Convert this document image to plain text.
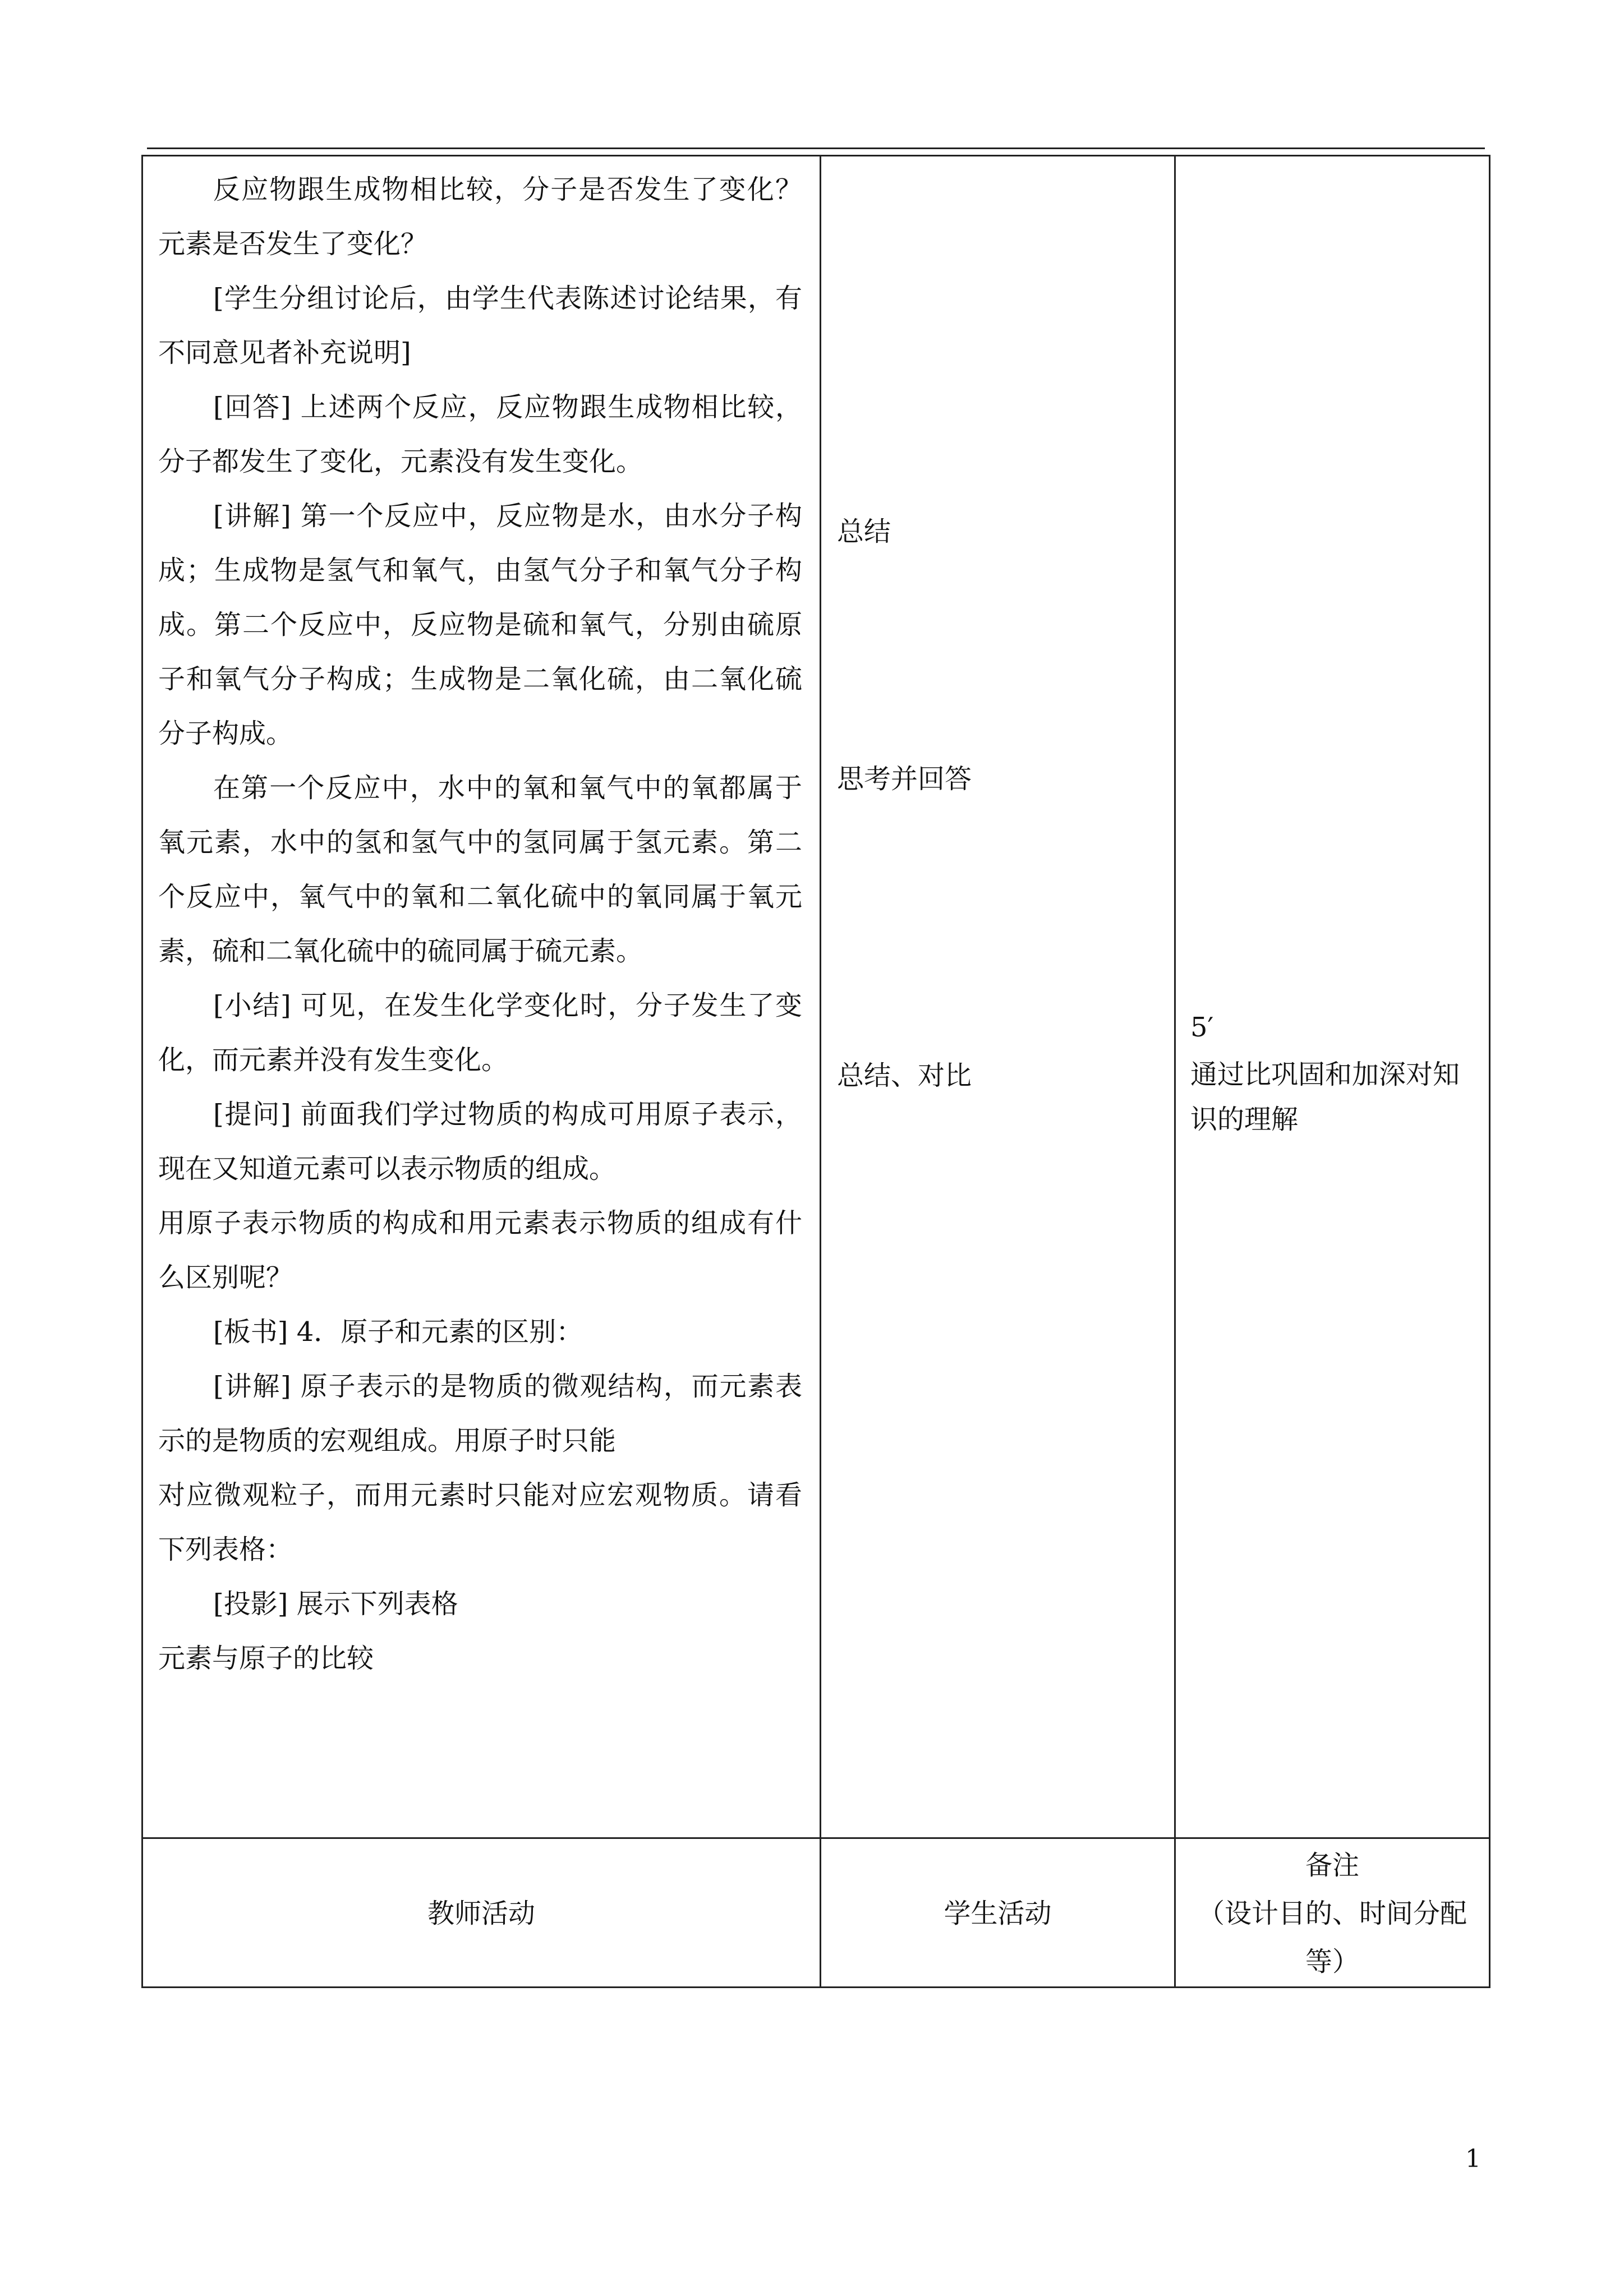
反应物跟生成物相比较，分子是否发生了变化？元素是否发生了变化？

[学生分组讨论后，由学生代表陈述讨论结果，有不同意见者补充说明]

[回答] 上述两个反应，反应物跟生成物相比较，分子都发生了变化，元素没有发生变化。

[讲解] 第一个反应中，反应物是水，由水分子构成；生成物是氢气和氧气，由氢气分子和氧气分子构成。第二个反应中，反应物是硫和氧气，分别由硫原子和氧气分子构成；生成物是二氧化硫，由二氧化硫分子构成。

在第一个反应中，水中的氧和氧气中的氧都属于氧元素，水中的氢和氢气中的氢同属于氢元素。第二个反应中，氧气中的氧和二氧化硫中的氧同属于氧元素，硫和二氧化硫中的硫同属于硫元素。

[小结] 可见，在发生化学变化时，分子发生了变化，而元素并没有发生变化。

[提问] 前面我们学过物质的构成可用原子表示，现在又知道元素可以表示物质的组成。

用原子表示物质的构成和用元素表示物质的组成有什么区别呢？

[板书] 4．原子和元素的区别：

[讲解] 原子表示的是物质的微观结构，而元素表示的是物质的宏观组成。用原子时只能

对应微观粒子，而用元素时只能对应宏观物质。请看下列表格：

[投影] 展示下列表格

元素与原子的比较

总结
思考并回答
总结、对比
5′
通过比巩固和加深对知识的理解
教师活动	学生活动
备注
（设计目的、时间分配等）
1
